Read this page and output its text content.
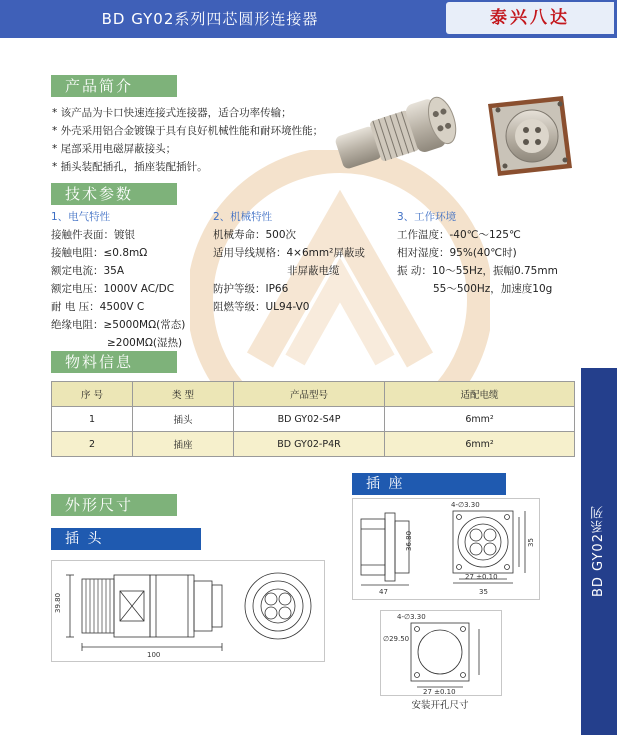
BD GY02系列四芯圆形连接器	泰兴八达
BD GY02系列
产品简介
* 该产品为卡口快速连接式连接器，适合功率传输；
* 外壳采用铝合金镀镍于具有良好机械性能和耐环境性能；
* 尾部采用电磁屏蔽接头；
* 插头装配插孔，插座装配插针。
技术参数
1、电气特性
接触件表面：镀银
接触电阻：≤0.8mΩ
额定电流：35A
额定电压：1000V AC/DC
耐 电 压：4500V C
绝缘电阻：≥5000MΩ(常态)
≥200MΩ(湿热)
2、机械特性
机械寿命：500次
适用导线规格：4×6mm²屏蔽或
非屏蔽电缆
防护等级：IP66
阻燃等级：UL94-V0
3、工作环境
工作温度：-40℃～125℃
相对湿度：95%(40℃时)
振 动：10～55Hz，振幅0.75mm
55～500Hz，加速度10g
物料信息
序 号	类 型	产品型号	适配电缆
1	插头	BD GY02-S4P	6mm²
2	插座	BD GY02-P4R	6mm²
外形尺寸
插 头
插 座
100
39.80
4-∅3.30
47
36.80
27 ±0.10
35
35
4-∅3.30
∅29.50
27 ±0.10
安装开孔尺寸
